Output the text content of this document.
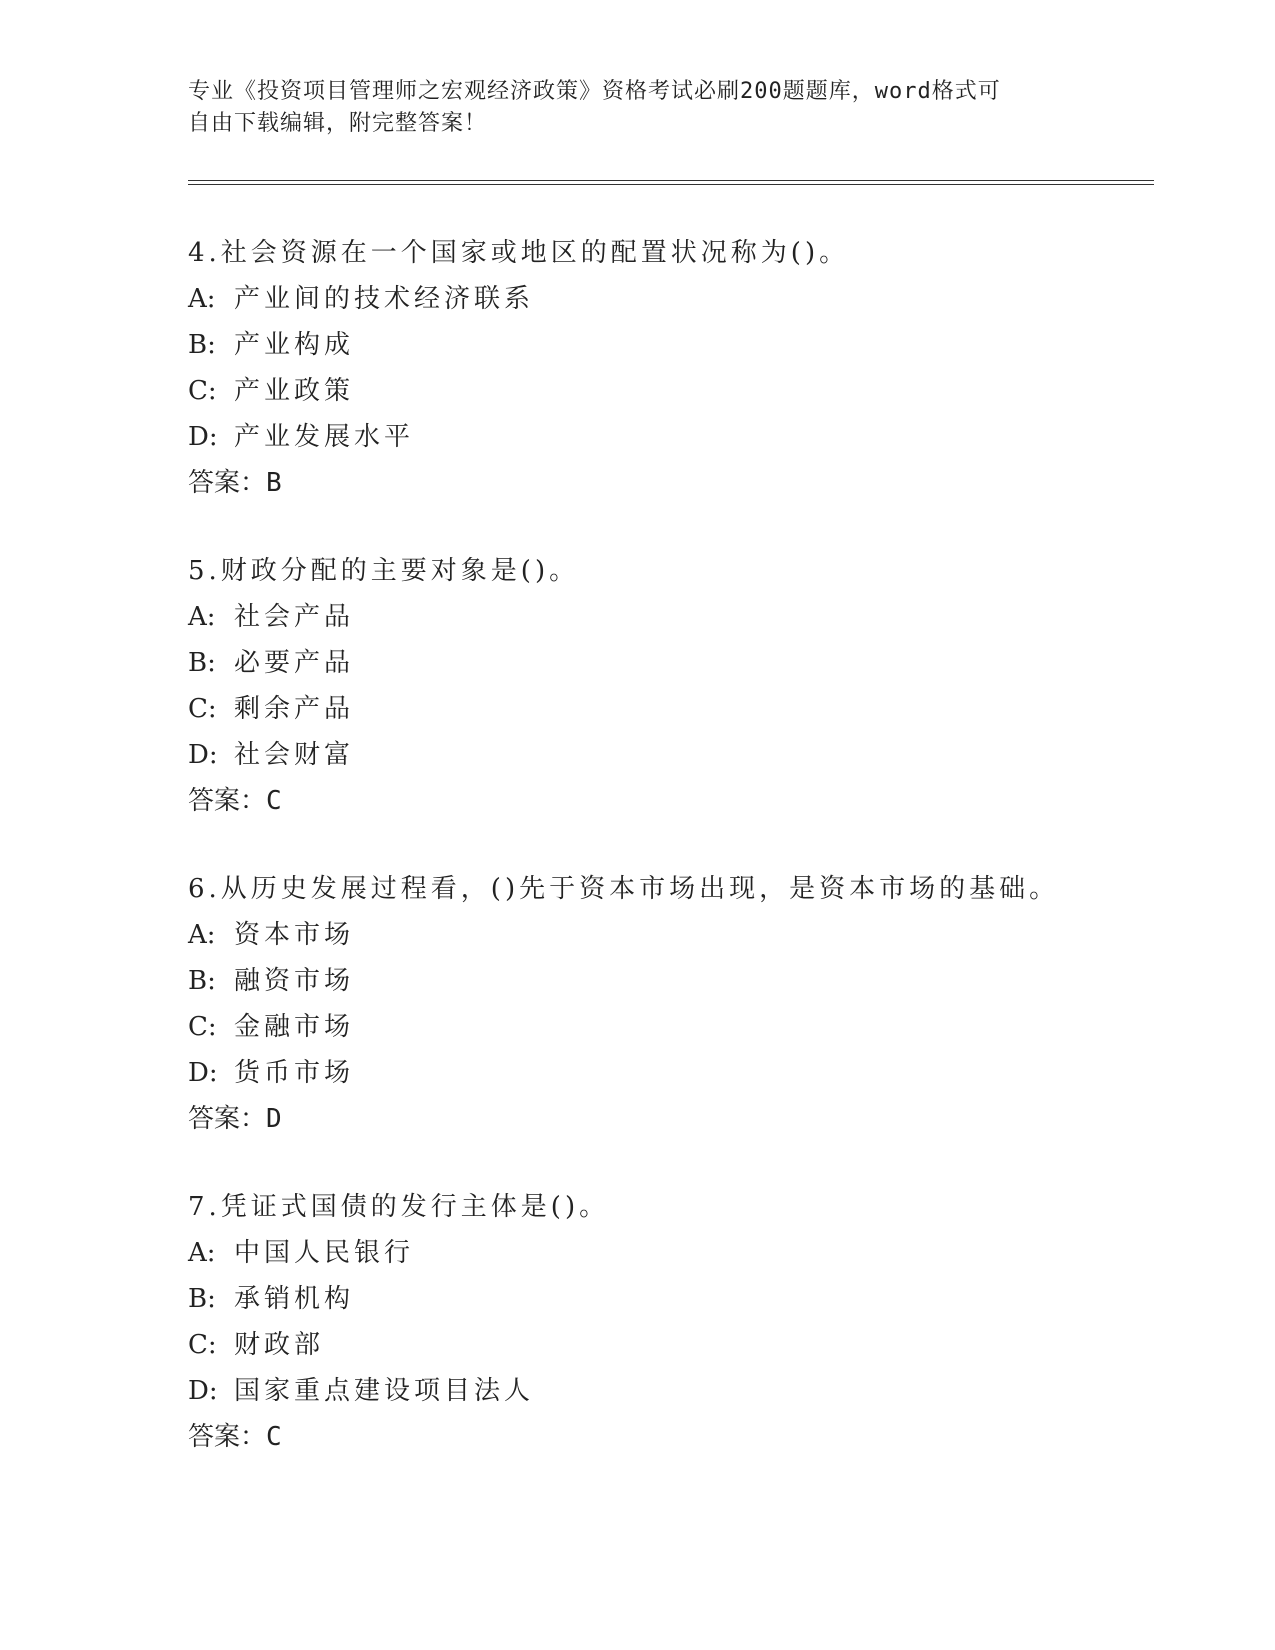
专业《投资项目管理师之宏观经济政策》资格考试必刷200题题库，word格式可
自由下载编辑，附完整答案！
4.社会资源在一个国家或地区的配置状况称为()。
A: 产业间的技术经济联系
B: 产业构成
C: 产业政策
D: 产业发展水平
答案：B
5.财政分配的主要对象是()。
A: 社会产品
B: 必要产品
C: 剩余产品
D: 社会财富
答案：C
6.从历史发展过程看，()先于资本市场出现，是资本市场的基础。
A: 资本市场
B: 融资市场
C: 金融市场
D: 货币市场
答案：D
7.凭证式国债的发行主体是()。
A: 中国人民银行
B: 承销机构
C: 财政部
D: 国家重点建设项目法人
答案：C
